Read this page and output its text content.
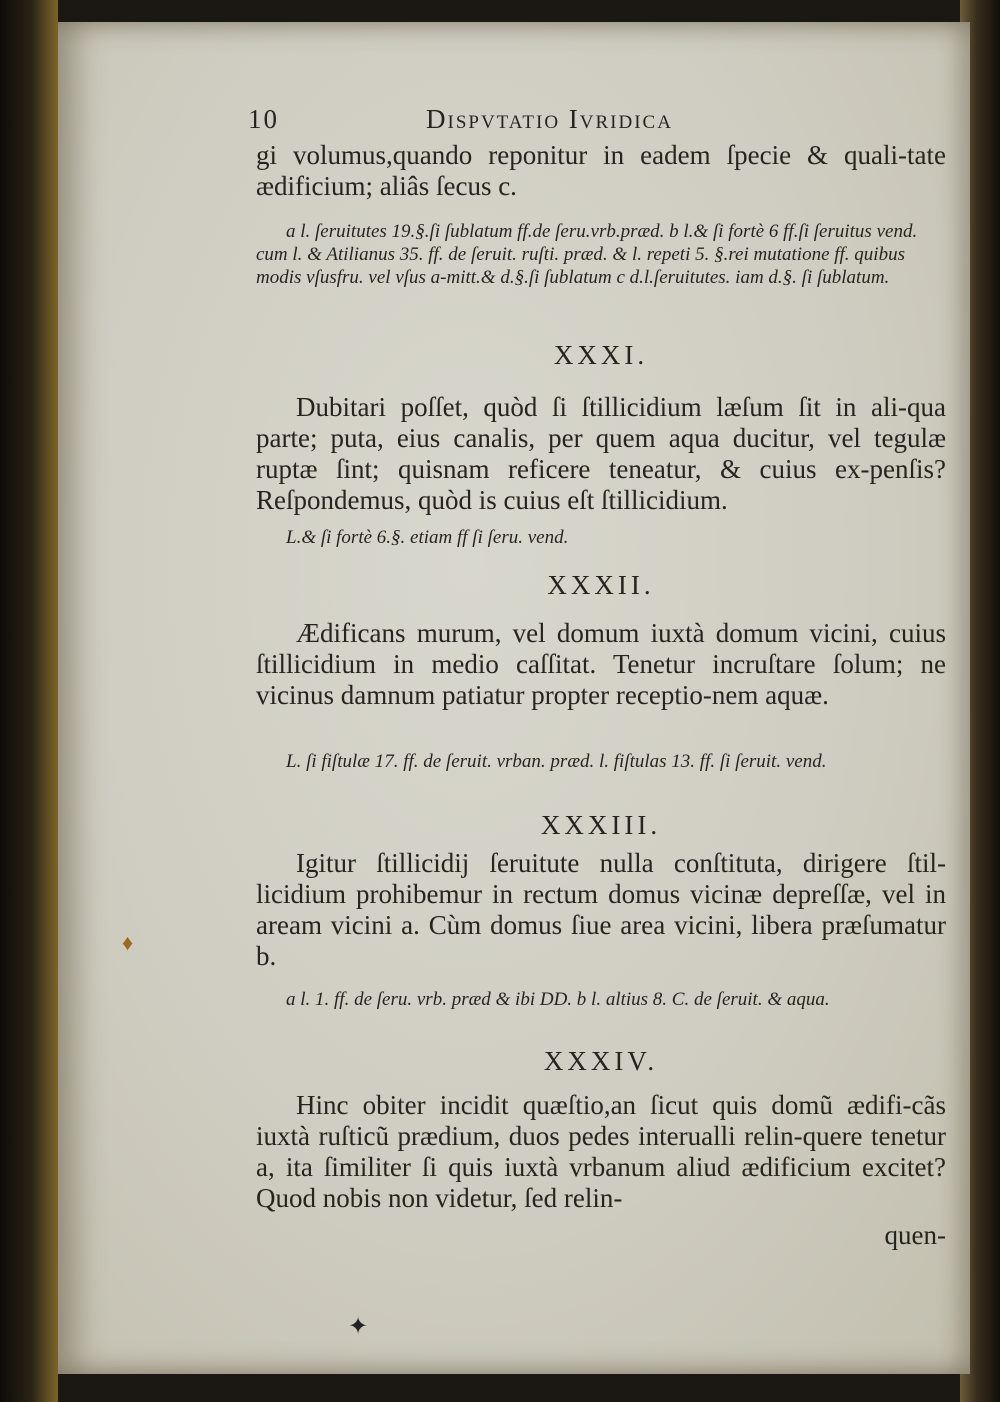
10	Dispvtatio Ivridica

gi volumus,quando reponitur in eadem ſpecie & quali-tate ædificium; aliâs ſecus c.

a l. ſeruitutes 19.§.ſi ſublatum ff.de ſeru.vrb.præd. b l.& ſi fortè 6 ff.ſi ſeruitus vend. cum l. & Atilianus 35. ff. de ſeruit. ruſti. præd. & l. repeti 5. §.rei mutatione ff. quibus modis vſusfru. vel vſus a-mitt.& d.§.ſi ſublatum c d.l.ſeruitutes. iam d.§. ſi ſublatum.

XXXI.

Dubitari poſſet, quòd ſi ſtillicidium læſum ſit in ali-qua parte; puta, eius canalis, per quem aqua ducitur, vel tegulæ ruptæ ſint; quisnam reficere teneatur, & cuius ex-penſis? Reſpondemus, quòd is cuius eſt ſtillicidium.

L.& ſi fortè 6.§. etiam ff ſi ſeru. vend.

XXXII.

Ædificans murum, vel domum iuxtà domum vicini, cuius ſtillicidium in medio caſſitat. Tenetur incruſtare ſolum; ne vicinus damnum patiatur propter receptio-nem aquæ.

L. ſi fiſtulæ 17. ff. de ſeruit. vrban. præd. l. fiſtulas 13. ff. ſi ſeruit. vend.

XXXIII.

Igitur ſtillicidij ſeruitute nulla conſtituta, dirigere ſtil-licidium prohibemur in rectum domus vicinæ depreſſæ, vel in aream vicini a. Cùm domus ſiue area vicini, libera præſumatur b.

a l. 1. ff. de ſeru. vrb. præd & ibi DD. b l. altius 8. C. de ſeruit. & aqua.

XXXIV.

Hinc obiter incidit quæſtio,an ſicut quis domũ ædifi-cãs iuxtà ruſticũ prædium, duos pedes interualli relin-quere tenetur a, ita ſimiliter ſi quis iuxtà vrbanum aliud ædificium excitet? Quod nobis non videtur, ſed relin-

quen-
♦
✦
